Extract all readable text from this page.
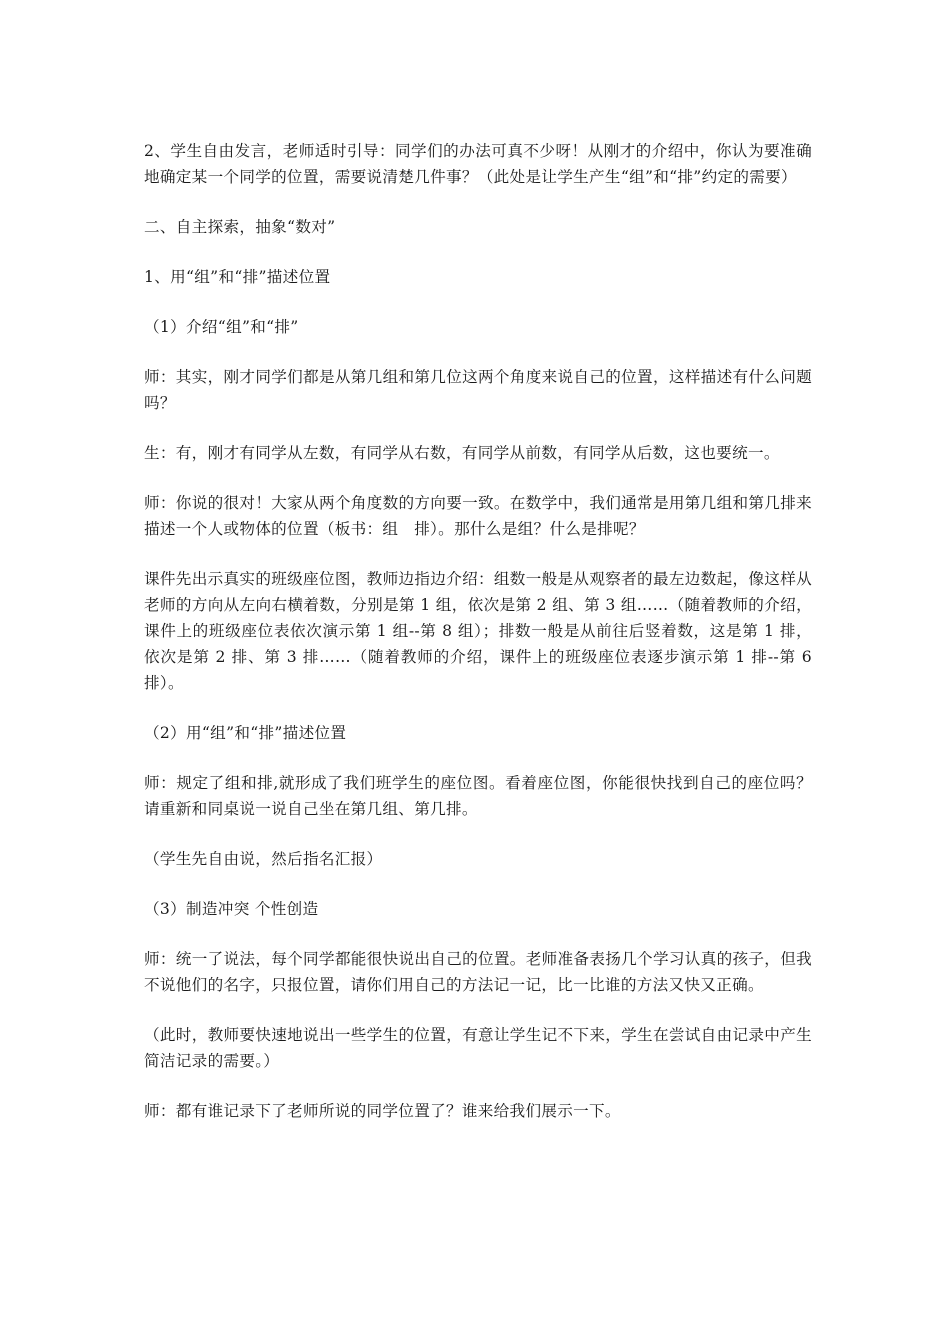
2、学生自由发言，老师适时引导：同学们的办法可真不少呀！从刚才的介绍中，你认为要准确地确定某一个同学的位置，需要说清楚几件事？（此处是让学生产生“组”和“排”约定的需要）

二、自主探索，抽象“数对”

1、用“组”和“排”描述位置

（1）介绍“组”和“排”

师：其实，刚才同学们都是从第几组和第几位这两个角度来说自己的位置，这样描述有什么问题吗？

生：有，刚才有同学从左数，有同学从右数，有同学从前数，有同学从后数，这也要统一。

师：你说的很对！大家从两个角度数的方向要一致。在数学中，我们通常是用第几组和第几排来描述一个人或物体的位置（板书：组　排）。那什么是组？什么是排呢？

课件先出示真实的班级座位图，教师边指边介绍：组数一般是从观察者的最左边数起，像这样从老师的方向从左向右横着数，分别是第 1 组，依次是第 2 组、第 3 组……（随着教师的介绍，课件上的班级座位表依次演示第 1 组--第 8 组）；排数一般是从前往后竖着数，这是第 1 排，依次是第 2 排、第 3 排……（随着教师的介绍，课件上的班级座位表逐步演示第 1 排--第 6 排）。

（2）用“组”和“排”描述位置

师：规定了组和排,就形成了我们班学生的座位图。看着座位图，你能很快找到自己的座位吗？请重新和同桌说一说自己坐在第几组、第几排。

（学生先自由说，然后指名汇报）

（3）制造冲突 个性创造

师：统一了说法，每个同学都能很快说出自己的位置。老师准备表扬几个学习认真的孩子，但我不说他们的名字，只报位置，请你们用自己的方法记一记，比一比谁的方法又快又正确。

（此时，教师要快速地说出一些学生的位置，有意让学生记不下来，学生在尝试自由记录中产生简洁记录的需要。）

师：都有谁记录下了老师所说的同学位置了？谁来给我们展示一下。
